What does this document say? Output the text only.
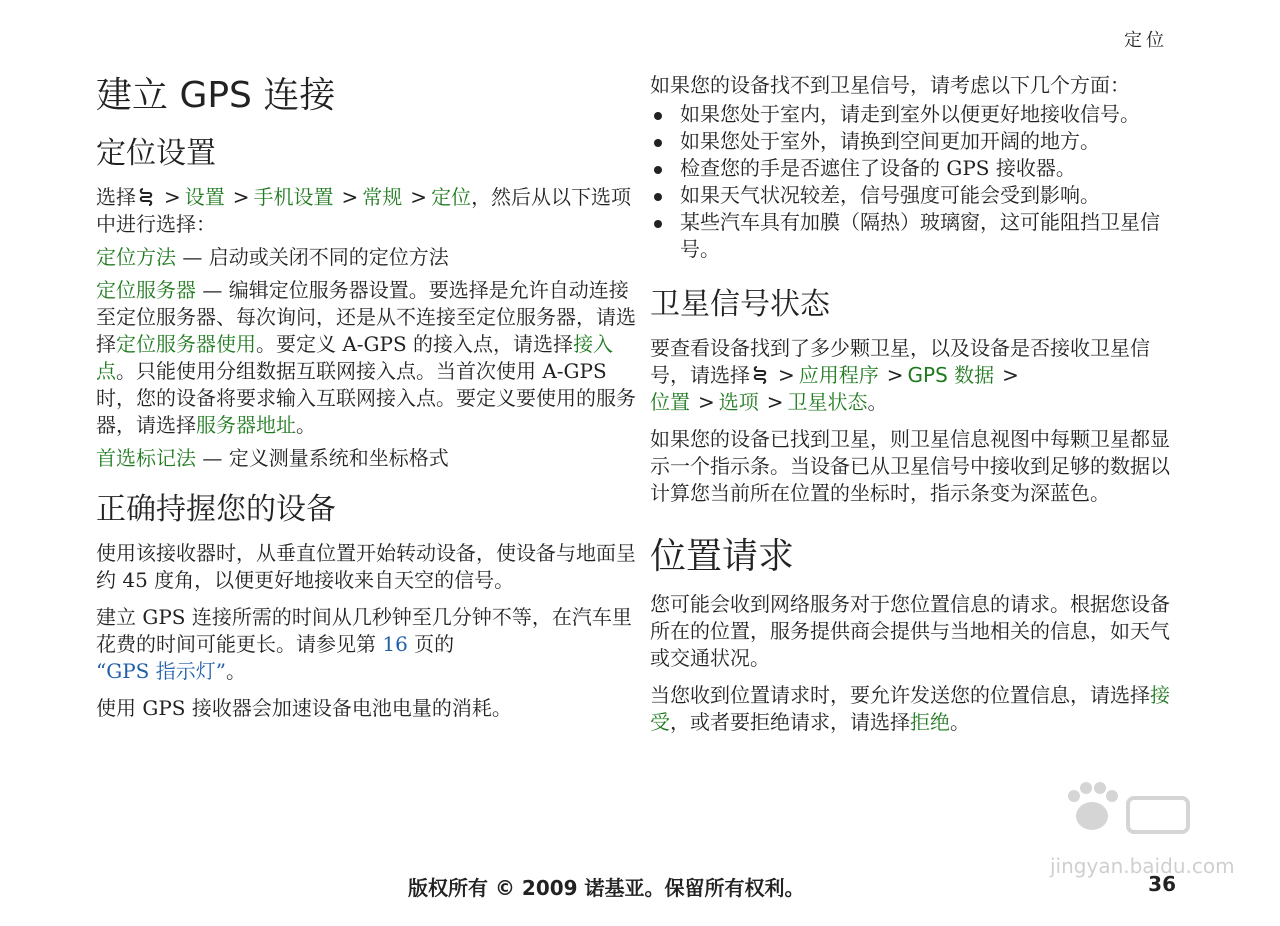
定位
建立 GPS 连接
定位设置

选择 > 设置 > 手机设置 > 常规 > 定位，然后从以下选项中进行选择：

定位方法 — 启动或关闭不同的定位方法

定位服务器 — 编辑定位服务器设置。要选择是允许自动连接至定位服务器、每次询问，还是从不连接至定位服务器，请选择定位服务器使用。要定义 A-GPS 的接入点，请选择接入点。只能使用分组数据互联网接入点。当首次使用 A-GPS 时，您的设备将要求输入互联网接入点。要定义要使用的服务器，请选择服务器地址。

首选标记法 — 定义测量系统和坐标格式

正确持握您的设备

使用该接收器时，从垂直位置开始转动设备，使设备与地面呈约 45 度角，以便更好地接收来自天空的信号。

建立 GPS 连接所需的时间从几秒钟至几分钟不等，在汽车里花费的时间可能更长。请参见第 16 页的
“GPS 指示灯”。

使用 GPS 接收器会加速设备电池电量的消耗。

如果您的设备找不到卫星信号，请考虑以下几个方面：

如果您处于室内，请走到室外以便更好地接收信号。
如果您处于室外，请换到空间更加开阔的地方。
检查您的手是否遮住了设备的 GPS 接收器。
如果天气状况较差，信号强度可能会受到影响。
某些汽车具有加膜（隔热）玻璃窗，这可能阻挡卫星信号。
卫星信号状态

要查看设备找到了多少颗卫星，以及设备是否接收卫星信号，请选择 > 应用程序 > GPS 数据 >
位置 > 选项 > 卫星状态。

如果您的设备已找到卫星，则卫星信息视图中每颗卫星都显示一个指示条。当设备已从卫星信号中接收到足够的数据以计算您当前所在位置的坐标时，指示条变为深蓝色。

位置请求

您可能会收到网络服务对于您位置信息的请求。根据您设备所在的位置，服务提供商会提供与当地相关的信息，如天气或交通状况。

当您收到位置请求时，要允许发送您的位置信息，请选择接受，或者要拒绝请求，请选择拒绝。

jingyan.baidu.com
版权所有 © 2009 诺基亚。保留所有权利。	36
